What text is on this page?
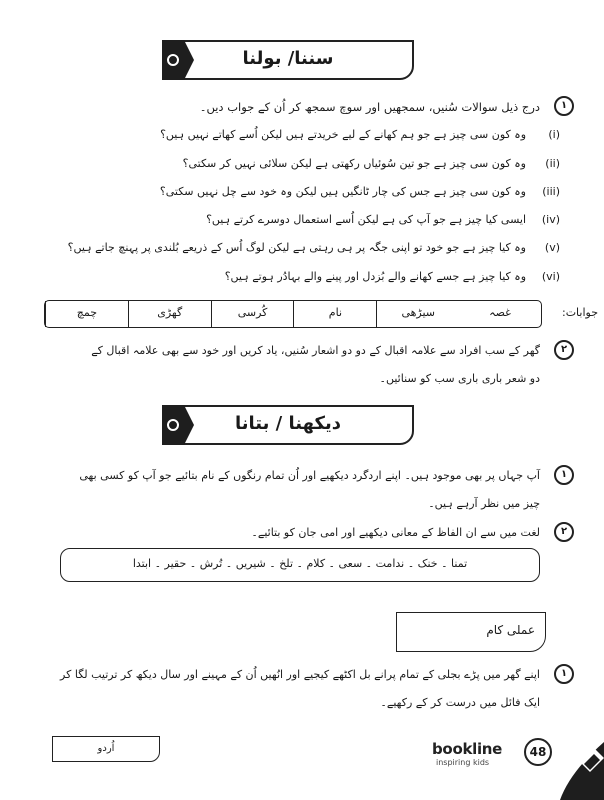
سننا/ بولنا
۱
درج ذیل سوالات سُنیں، سمجھیں اور سوچ سمجھ کر اُن کے جواب دیں۔
(i)
وہ کون سی چیز ہے جو ہم کھانے کے لیے خریدتے ہیں لیکن اُسے کھاتے نہیں ہیں؟
(ii)
وہ کون سی چیز ہے جو تین سُوئیاں رکھتی ہے لیکن سلائی نہیں کر سکتی؟
(iii)
وہ کون سی چیز ہے جس کی چار ٹانگیں ہیں لیکن وہ خود سے چل نہیں سکتی؟
(iv)
ایسی کیا چیز ہے جو آپ کی ہے لیکن اُسے استعمال دوسرے کرتے ہیں؟
(v)
وہ کیا چیز ہے جو خود تو اپنی جگہ پر ہی رہتی ہے لیکن لوگ اُس کے ذریعے بُلندی پر پہنچ جاتے ہیں؟
(vi)
وہ کیا چیز ہے جسے کھانے والے بُزدل اور پینے والے بہادُر ہوتے ہیں؟
جوابات:
چمچ	گھڑی	کُرسی	نام	سیڑھی	غصہ
۲
گھر کے سب افراد سے علامہ اقبال کے دو دو اشعار سُنیں، یاد کریں اور خود سے بھی علامہ اقبال کے
دو شعر باری باری سب کو سنائیں۔
دیکھنا / بتانا
۱
آپ جہاں پر بھی موجود ہیں۔ اپنے اردگرد دیکھیے اور اُن تمام رنگوں کے نام بتائیے جو آپ کو کسی بھی
چیز میں نظر آرہے ہیں۔
۲
لغت میں سے ان الفاظ کے معانی دیکھیے اور امی جان کو بتائیے۔
تمنا ۔ خنک ۔ ندامت ۔ سعی ۔ کلام ۔ تلخ ۔ شیریں ۔ تُرش ۔ حقیر ۔ ابتدا
عملی کام
۱
اپنے گھر میں پڑے بجلی کے تمام پرانے بل اکٹھے کیجیے اور انُھیں اُن کے مہینے اور سال دیکھ کر ترتیب لگا کر
ایک فائل میں درست کر کے رکھیے۔
اُردو	bookline
inspiring kids
48
